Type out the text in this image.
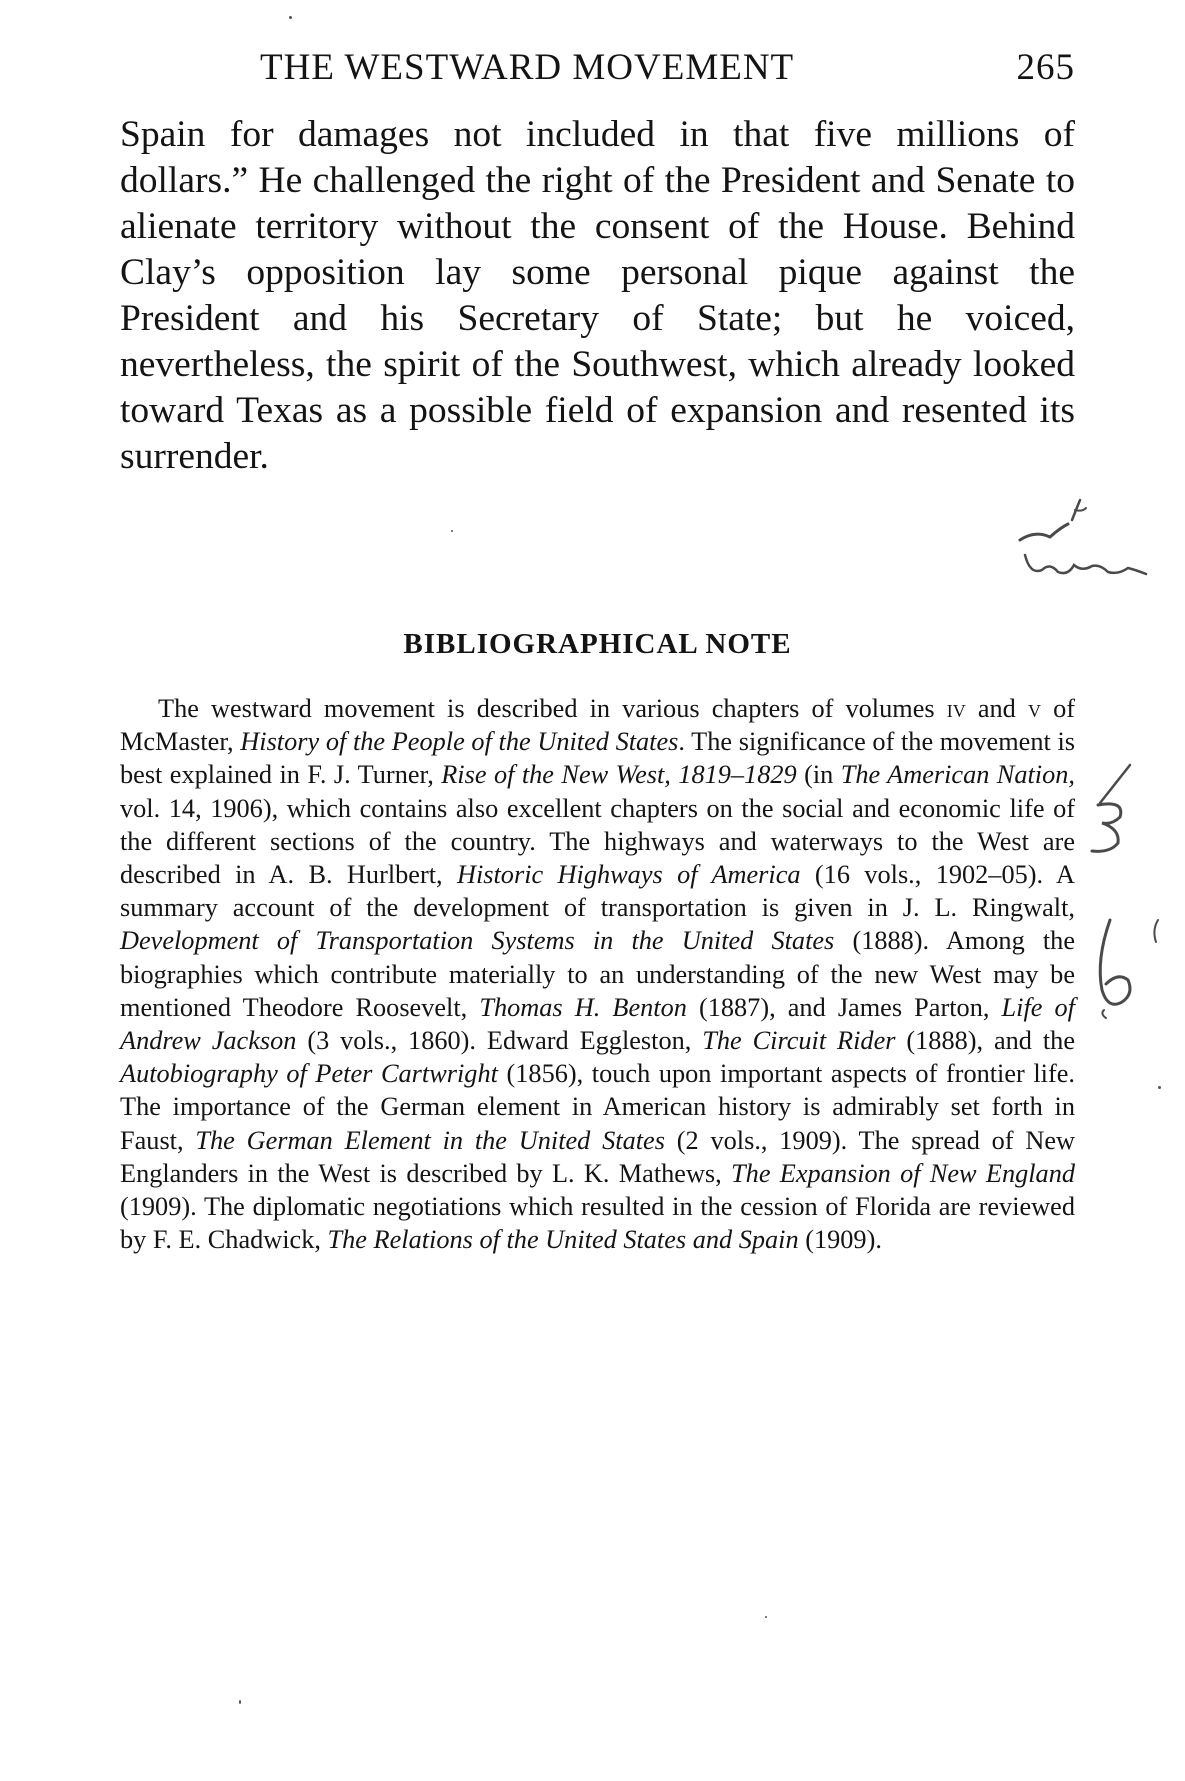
THE WESTWARD MOVEMENT	265

Spain for damages not included in that five millions of dollars.” He challenged the right of the President and Senate to alienate territory without the consent of the House. Behind Clay’s opposition lay some personal pique against the President and his Secretary of State; but he voiced, nevertheless, the spirit of the Southwest, which already looked toward Texas as a possible field of expansion and resented its surrender.

BIBLIOGRAPHICAL NOTE

The westward movement is described in various chapters of volumes iv and v of McMaster, History of the People of the United States. The significance of the movement is best explained in F. J. Turner, Rise of the New West, 1819–1829 (in The American Nation, vol. 14, 1906), which contains also excellent chapters on the social and economic life of the different sections of the country. The highways and waterways to the West are described in A. B. Hurlbert, Historic Highways of America (16 vols., 1902–05). A summary account of the development of transportation is given in J. L. Ringwalt, Development of Transportation Systems in the United States (1888). Among the biographies which contribute materially to an understanding of the new West may be mentioned Theodore Roosevelt, Thomas H. Benton (1887), and James Parton, Life of Andrew Jackson (3 vols., 1860). Edward Eggleston, The Circuit Rider (1888), and the Autobiography of Peter Cartwright (1856), touch upon important aspects of frontier life. The importance of the German element in American history is admirably set forth in Faust, The German Element in the United States (2 vols., 1909). The spread of New Englanders in the West is described by L. K. Mathews, The Expansion of New England (1909). The diplomatic negotiations which resulted in the cession of Florida are reviewed by F. E. Chadwick, The Relations of the United States and Spain (1909).
